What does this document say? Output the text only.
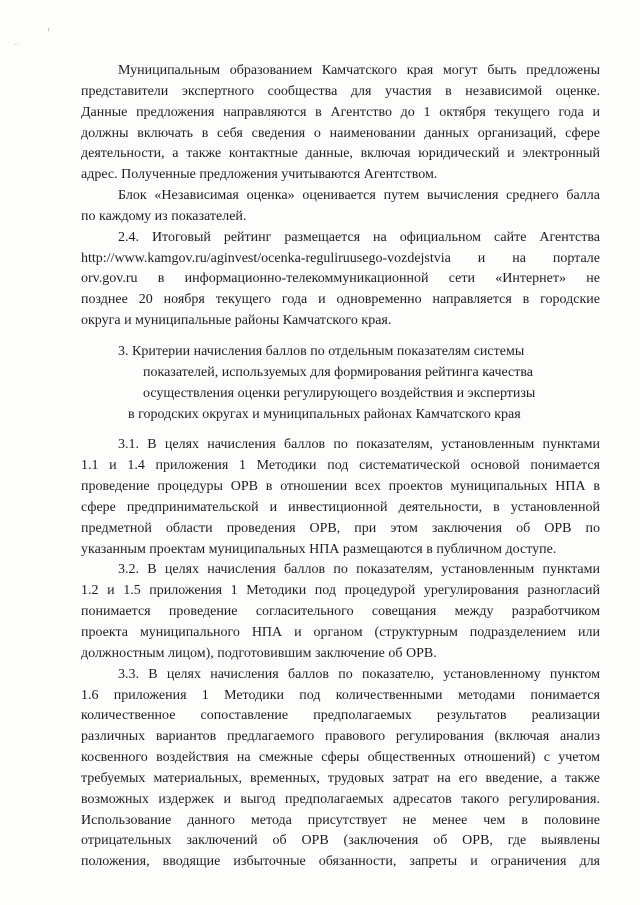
ⸯ
··
Муниципальным образованием Камчатского края могут быть предложены
представители экспертного сообщества для участия в независимой оценке.
Данные предложения направляются в Агентство до 1 октября текущего года и
должны включать в себя сведения о наименовании данных организаций, сфере
деятельности, а также контактные данные, включая юридический и электронный
адрес. Полученные предложения учитываются Агентством.
Блок «Независимая оценка» оценивается путем вычисления среднего балла
по каждому из показателей.
2.4. Итоговый рейтинг размещается на официальном сайте Агентства
http://www.kamgov.ru/aginvest/ocenka-reguliruusego-vozdejstvia и на портале
orv.gov.ru в информационно-телекоммуникационной сети «Интернет» не
позднее 20 ноября текущего года и одновременно направляется в городские
округа и муниципальные районы Камчатского края.
3. Критерии начисления баллов по отдельным показателям системы
показателей, используемых для формирования рейтинга качества
осуществления оценки регулирующего воздействия и экспертизы
в городских округах и муниципальных районах Камчатского края
3.1. В целях начисления баллов по показателям, установленным пунктами
1.1 и 1.4 приложения 1 Методики под систематической основой понимается
проведение процедуры ОРВ в отношении всех проектов муниципальных НПА в
сфере предпринимательской и инвестиционной деятельности, в установленной
предметной области проведения ОРВ, при этом заключения об ОРВ по
указанным проектам муниципальных НПА размещаются в публичном доступе.
3.2. В целях начисления баллов по показателям, установленным пунктами
1.2 и 1.5 приложения 1 Методики под процедурой урегулирования разногласий
понимается проведение согласительного совещания между разработчиком
проекта муниципального НПА и органом (структурным подразделением или
должностным лицом), подготовившим заключение об ОРВ.
3.3. В целях начисления баллов по показателю, установленному пунктом
1.6 приложения 1 Методики под количественными методами понимается
количественное сопоставление предполагаемых результатов реализации
различных вариантов предлагаемого правового регулирования (включая анализ
косвенного воздействия на смежные сферы общественных отношений) с учетом
требуемых материальных, временных, трудовых затрат на его введение, а также
возможных издержек и выгод предполагаемых адресатов такого регулирования.
Использование данного метода присутствует не менее чем в половине
отрицательных заключений об ОРВ (заключения об ОРВ, где выявлены
положения, вводящие избыточные обязанности, запреты и ограничения для
